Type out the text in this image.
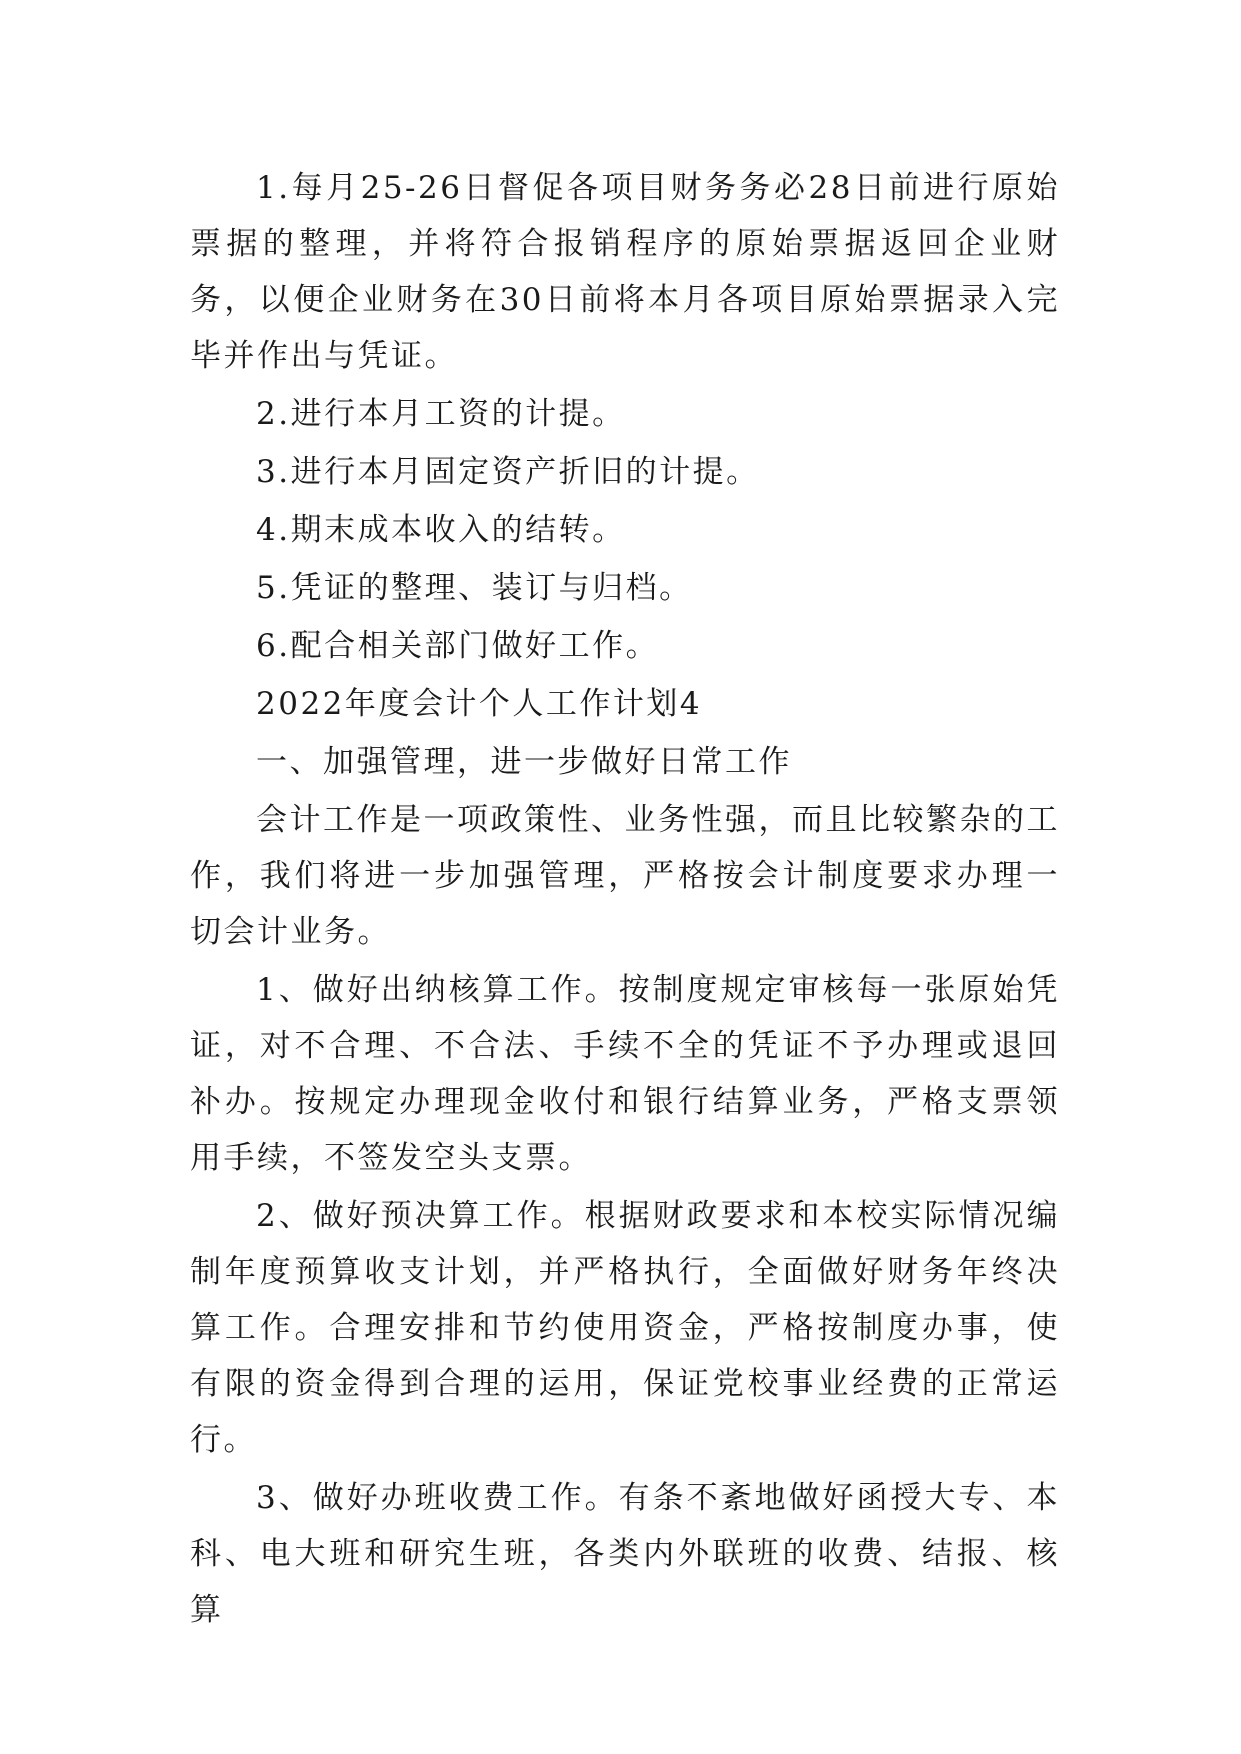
1.每月25-26日督促各项目财务务必28日前进行原始票据的整理，并将符合报销程序的原始票据返回企业财务，以便企业财务在30日前将本月各项目原始票据录入完毕并作出与凭证。

2.进行本月工资的计提。

3.进行本月固定资产折旧的计提。

4.期末成本收入的结转。

5.凭证的整理、装订与归档。

6.配合相关部门做好工作。

2022年度会计个人工作计划4

一、加强管理，进一步做好日常工作

会计工作是一项政策性、业务性强，而且比较繁杂的工作，我们将进一步加强管理，严格按会计制度要求办理一切会计业务。

1、做好出纳核算工作。按制度规定审核每一张原始凭证，对不合理、不合法、手续不全的凭证不予办理或退回补办。按规定办理现金收付和银行结算业务，严格支票领用手续，不签发空头支票。

2、做好预决算工作。根据财政要求和本校实际情况编制年度预算收支计划，并严格执行，全面做好财务年终决算工作。合理安排和节约使用资金，严格按制度办事，使有限的资金得到合理的运用，保证党校事业经费的正常运行。

3、做好办班收费工作。有条不紊地做好函授大专、本科、电大班和研究生班，各类内外联班的收费、结报、核算
